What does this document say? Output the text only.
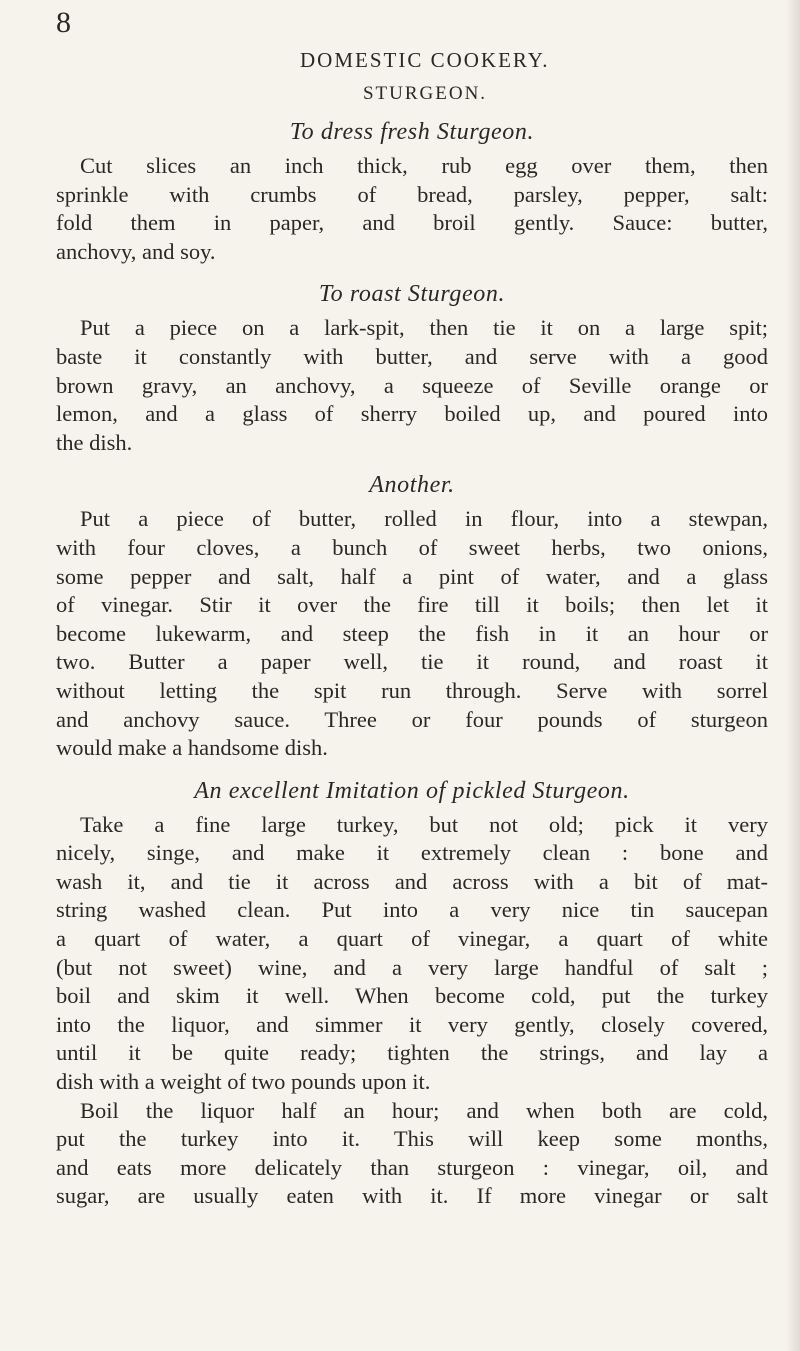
8
DOMESTIC COOKERY.
STURGEON.
To dress fresh Sturgeon.
Cut slices an inch thick, rub egg over them, then
sprinkle with crumbs of bread, parsley, pepper, salt:
fold them in paper, and broil gently. Sauce: butter,
anchovy, and soy.
To roast Sturgeon.
Put a piece on a lark-spit, then tie it on a large spit;
baste it constantly with butter, and serve with a good
brown gravy, an anchovy, a squeeze of Seville orange or
lemon, and a glass of sherry boiled up, and poured into
the dish.
Another.
Put a piece of butter, rolled in flour, into a stewpan,
with four cloves, a bunch of sweet herbs, two onions,
some pepper and salt, half a pint of water, and a glass
of vinegar. Stir it over the fire till it boils; then let it
become lukewarm, and steep the fish in it an hour or
two. Butter a paper well, tie it round, and roast it
without letting the spit run through. Serve with sorrel
and anchovy sauce. Three or four pounds of sturgeon
would make a handsome dish.
An excellent Imitation of pickled Sturgeon.
Take a fine large turkey, but not old; pick it very
nicely, singe, and make it extremely clean : bone and
wash it, and tie it across and across with a bit of mat-
string washed clean. Put into a very nice tin saucepan
a quart of water, a quart of vinegar, a quart of white
(but not sweet) wine, and a very large handful of salt ;
boil and skim it well. When become cold, put the turkey
into the liquor, and simmer it very gently, closely covered,
until it be quite ready; tighten the strings, and lay a
dish with a weight of two pounds upon it.
Boil the liquor half an hour; and when both are cold,
put the turkey into it. This will keep some months,
and eats more delicately than sturgeon : vinegar, oil, and
sugar, are usually eaten with it. If more vinegar or salt
